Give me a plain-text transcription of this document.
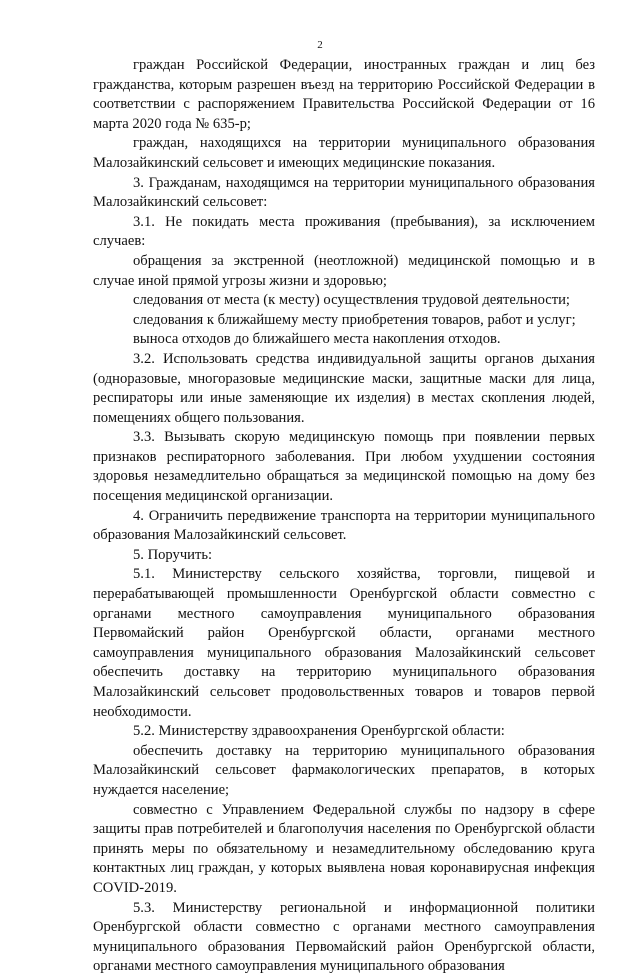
2

граждан Российской Федерации, иностранных граждан и лиц без гражданства, которым разрешен въезд на территорию Российской Федерации в соответствии с распоряжением Правительства Российской Федерации от 16 марта 2020 года № 635-р;

граждан, находящихся на территории муниципального образования Малозайкинский сельсовет и имеющих медицинские показания.

3. Гражданам, находящимся на территории муниципального образования Малозайкинский сельсовет:

3.1. Не покидать места проживания (пребывания), за исключением случаев:

обращения за экстренной (неотложной) медицинской помощью и в случае иной прямой угрозы жизни и здоровью;

следования от места (к месту) осуществления трудовой деятельности;

следования к ближайшему месту приобретения товаров, работ и услуг;

выноса отходов до ближайшего места накопления отходов.

3.2. Использовать средства индивидуальной защиты органов дыхания (одноразовые, многоразовые медицинские маски, защитные маски для лица, респираторы или иные заменяющие их изделия) в местах скопления людей, помещениях общего пользования.

3.3. Вызывать скорую медицинскую помощь при появлении первых признаков респираторного заболевания. При любом ухудшении состояния здоровья незамедлительно обращаться за медицинской помощью на дому без посещения медицинской организации.

4. Ограничить передвижение транспорта на территории муниципального образования Малозайкинский сельсовет.

5. Поручить:

5.1. Министерству сельского хозяйства, торговли, пищевой и перерабатывающей промышленности Оренбургской области совместно с органами местного самоуправления муниципального образования Первомайский район Оренбургской области, органами местного самоуправления муниципального образования Малозайкинский сельсовет обеспечить доставку на территорию муниципального образования Малозайкинский сельсовет продовольственных товаров и товаров первой необходимости.

5.2. Министерству здравоохранения Оренбургской области:

обеспечить доставку на территорию муниципального образования Малозайкинский сельсовет фармакологических препаратов, в которых нуждается население;

совместно с Управлением Федеральной службы по надзору в сфере защиты прав потребителей и благополучия населения по Оренбургской области принять меры по обязательному и незамедлительному обследованию круга контактных лиц граждан, у которых выявлена новая коронавирусная инфекция COVID-2019.

5.3. Министерству региональной и информационной политики Оренбургской области совместно с органами местного самоуправления муниципального образования Первомайский район Оренбургской области, органами местного самоуправления муниципального образования
